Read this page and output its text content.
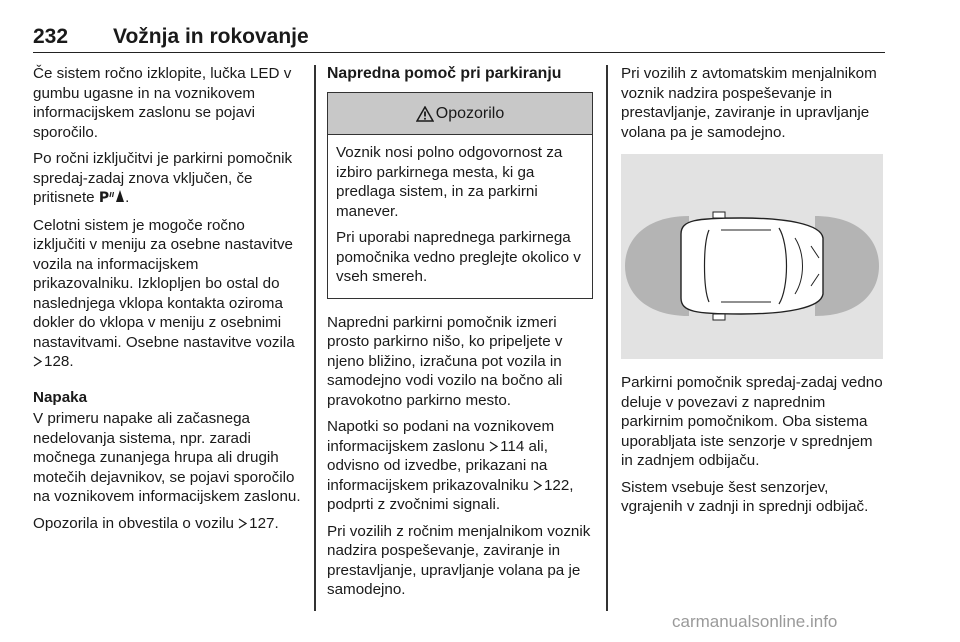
232 Vožnja in rokovanje

Če sistem ročno izklopite, lučka LED v gumbu ugasne in na voznikovem informacijskem zaslonu se pojavi sporočilo.

Po ročni izključitvi je parkirni pomočnik spredaj-zadaj znova vključen, če pritisnete P .

Celotni sistem je mogoče ročno izključiti v meniju za osebne nastavitve vozila na informacijskem prikazovalniku. Izklopljen bo ostal do naslednjega vklopa kontakta oziroma dokler do vklopa v meniju z osebnimi nastavitvami. Osebne nastavitve vozila 128.

Napaka

V primeru napake ali začasnega nedelovanja sistema, npr. zaradi močnega zunanjega hrupa ali drugih motečih dejavnikov, se pojavi sporočilo na voznikovem informacijskem zaslonu.

Opozorila in obvestila o vozilu 127.

Napredna pomoč pri parkiranju
Opozorilo

Voznik nosi polno odgovornost za izbiro parkirnega mesta, ki ga predlaga sistem, in za parkirni manever.

Pri uporabi naprednega parkirnega pomočnika vedno preglejte okolico v vseh smereh.

Napredni parkirni pomočnik izmeri prosto parkirno nišo, ko pripeljete v njeno bližino, izračuna pot vozila in samodejno vodi vozilo na bočno ali pravokotno parkirno mesto.

Napotki so podani na voznikovem informacijskem zaslonu 114 ali, odvisno od izvedbe, prikazani na informacijskem prikazovalniku 122, podprti z zvočnimi signali.

Pri vozilih z ročnim menjalnikom voznik nadzira pospeševanje, zaviranje in prestavljanje, upravljanje volana pa je samodejno.

Pri vozilih z avtomatskim menjalnikom voznik nadzira pospeševanje in prestavljanje, zaviranje in upravljanje volana pa je samodejno.

Parkirni pomočnik spredaj-zadaj vedno deluje v povezavi z naprednim parkirnim pomočnikom. Oba sistema uporabljata iste senzorje v sprednjem in zadnjem odbijaču.

Sistem vsebuje šest senzorjev, vgrajenih v zadnji in sprednji odbijač.

carmanualsonline.info
